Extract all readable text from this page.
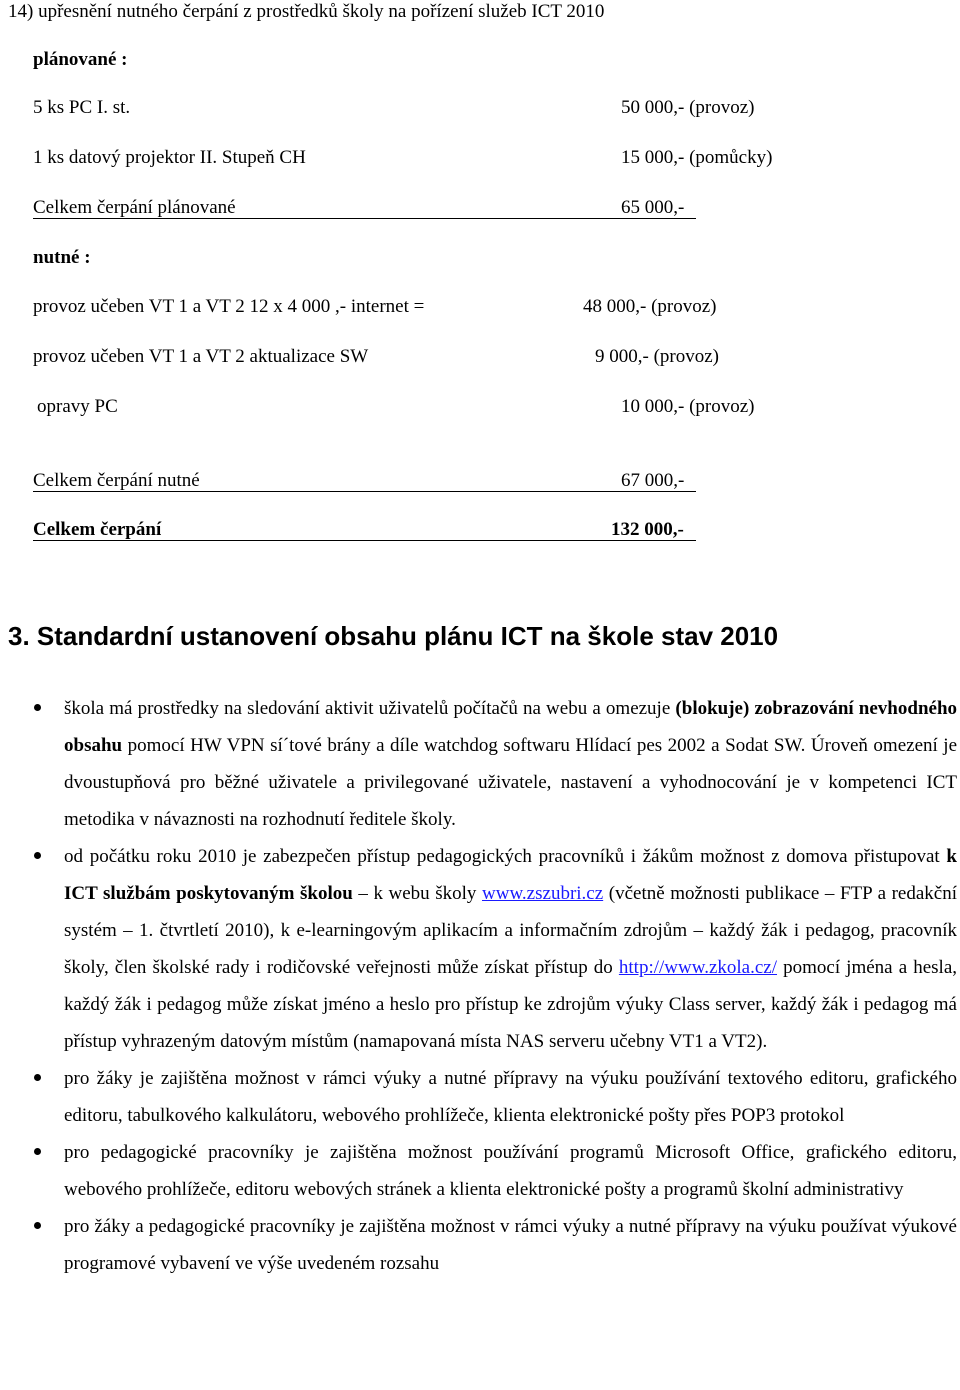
14) upřesnění nutného čerpání z prostředků školy na pořízení služeb ICT 2010
plánované :
5 ks PC I. st.	50 000,- (provoz)
1 ks datový projektor II. Stupeň CH	15 000,- (pomůcky)
Celkem čerpání plánované	65 000,-
nutné :
provoz učeben VT 1 a VT 2 12 x 4 000 ,- internet =	48 000,- (provoz)
provoz učeben VT 1 a VT 2 aktualizace SW	9 000,- (provoz)
opravy PC	10 000,- (provoz)
Celkem čerpání nutné	67 000,-
Celkem čerpání	132 000,-
3. Standardní ustanovení obsahu plánu ICT na škole stav 2010
škola má prostředky na sledování aktivit uživatelů počítačů na webu a omezuje (blokuje) zobrazování nevhodného obsahu pomocí HW VPN sí´tové brány a díle watchdog softwaru Hlídací pes 2002 a Sodat SW. Úroveň omezení je dvoustupňová pro běžné uživatele a privilegované uživatele, nastavení a vyhodnocování je v kompetenci ICT metodika v návaznosti na rozhodnutí ředitele školy.
od počátku roku 2010 je zabezpečen přístup pedagogických pracovníků i žákům možnost z domova přistupovat k ICT službám poskytovaným školou – k webu školy www.zszubri.cz (včetně možnosti publikace – FTP a redakční systém – 1. čtvrtletí 2010), k e-learningovým aplikacím a informačním zdrojům – každý žák i pedagog, pracovník školy, člen školské rady i rodičovské veřejnosti může získat přístup do http://www.zkola.cz/ pomocí jména a hesla, každý žák i pedagog může získat jméno a heslo pro přístup ke zdrojům výuky Class server, každý žák i pedagog má přístup vyhrazeným datovým místům (namapovaná místa NAS serveru učebny VT1 a VT2).
pro žáky je zajištěna možnost v rámci výuky a nutné přípravy na výuku používání textového editoru, grafického editoru, tabulkového kalkulátoru, webového prohlížeče, klienta elektronické pošty přes POP3 protokol
pro pedagogické pracovníky je zajištěna možnost používání programů Microsoft Office, grafického editoru, webového prohlížeče, editoru webových stránek a klienta elektronické pošty a programů školní administrativy
pro žáky a pedagogické pracovníky je zajištěna možnost v rámci výuky a nutné přípravy na výuku používat výukové programové vybavení ve výše uvedeném rozsahu
